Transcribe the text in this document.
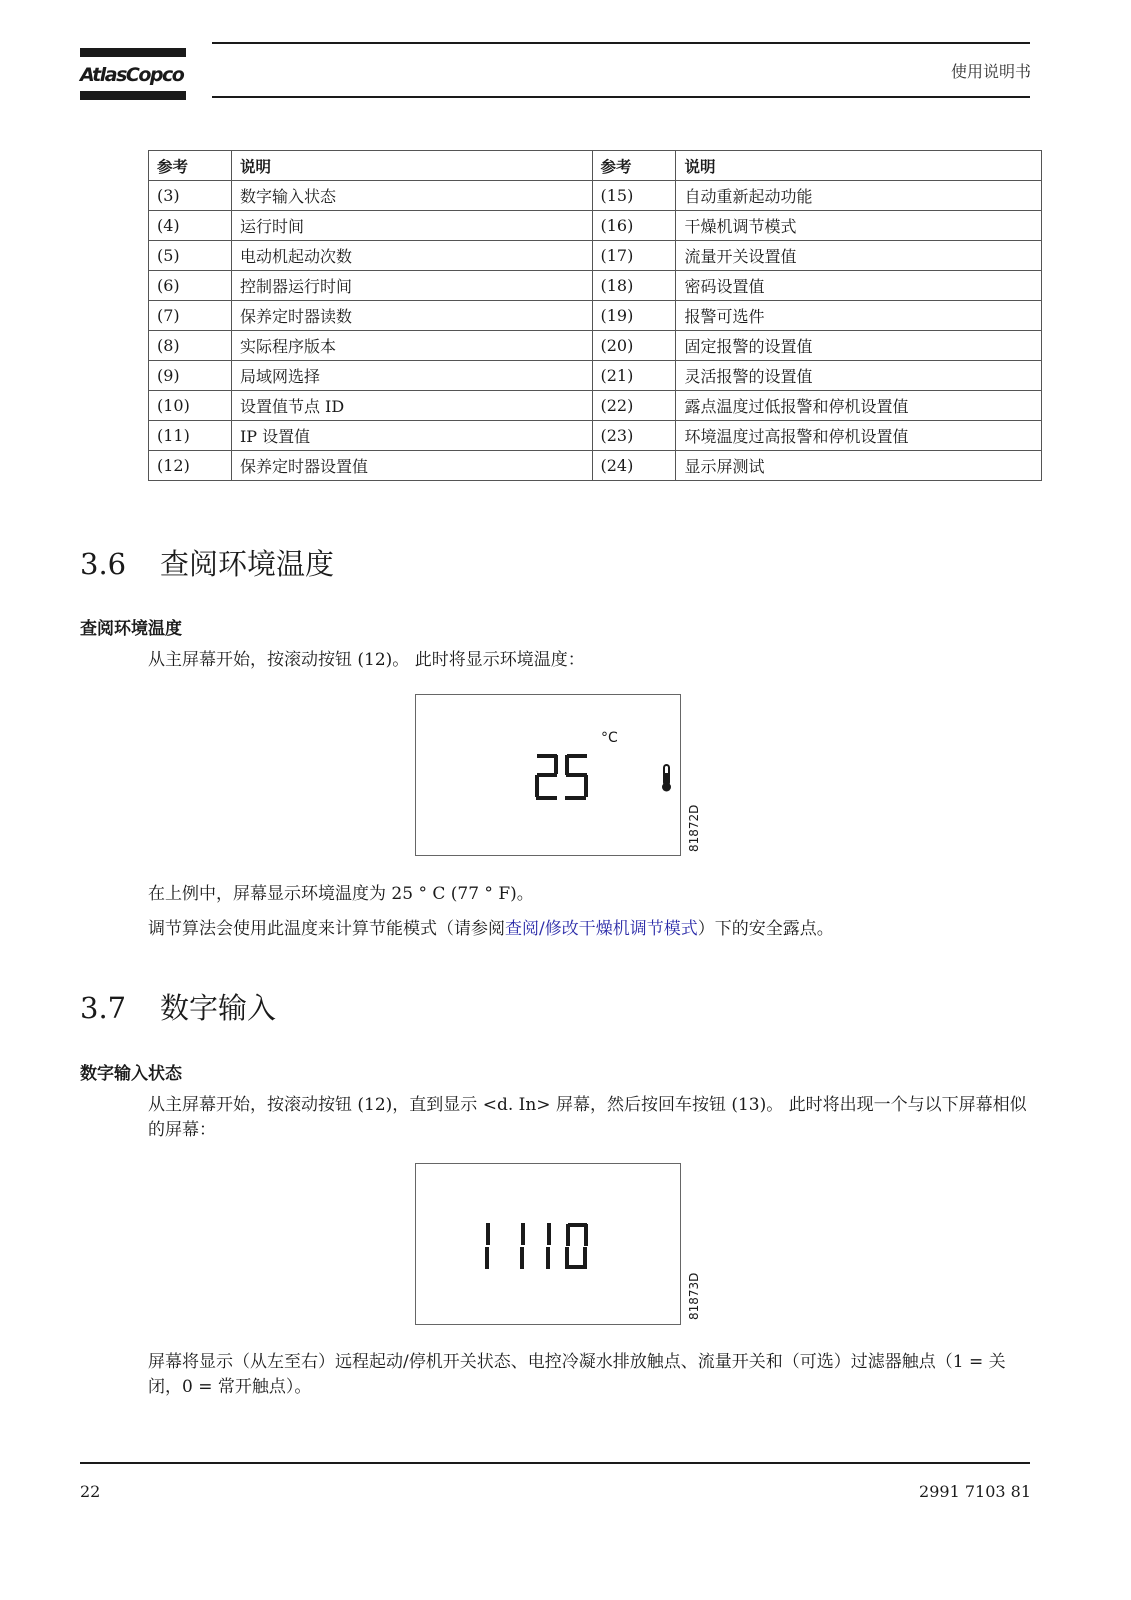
AtlasCopco	使用说明书
参考	说明	参考	说明
(3)	数字输入状态	(15)	自动重新起动功能
(4)	运行时间	(16)	干燥机调节模式
(5)	电动机起动次数	(17)	流量开关设置值
(6)	控制器运行时间	(18)	密码设置值
(7)	保养定时器读数	(19)	报警可选件
(8)	实际程序版本	(20)	固定报警的设置值
(9)	局域网选择	(21)	灵活报警的设置值
(10)	设置值节点 ID	(22)	露点温度过低报警和停机设置值
(11)	IP 设置值	(23)	环境温度过高报警和停机设置值
(12)	保养定时器设置值	(24)	显示屏测试
3.6 查阅环境温度
查阅环境温度
从主屏幕开始，按滚动按钮 (12)。 此时将显示环境温度：
°C
81872D
在上例中，屏幕显示环境温度为 25 ° C (77 ° F)。
调节算法会使用此温度来计算节能模式（请参阅查阅/修改干燥机调节模式）下的安全露点。
3.7 数字输入
数字输入状态
从主屏幕开始，按滚动按钮 (12)，直到显示 <d. In> 屏幕，然后按回车按钮 (13)。 此时将出现一个与以下屏幕相似的屏幕：
81873D
屏幕将显示（从左至右）远程起动/停机开关状态、电控冷凝水排放触点、流量开关和（可选）过滤器触点（1 = 关闭，0 = 常开触点）。
22	2991 7103 81
